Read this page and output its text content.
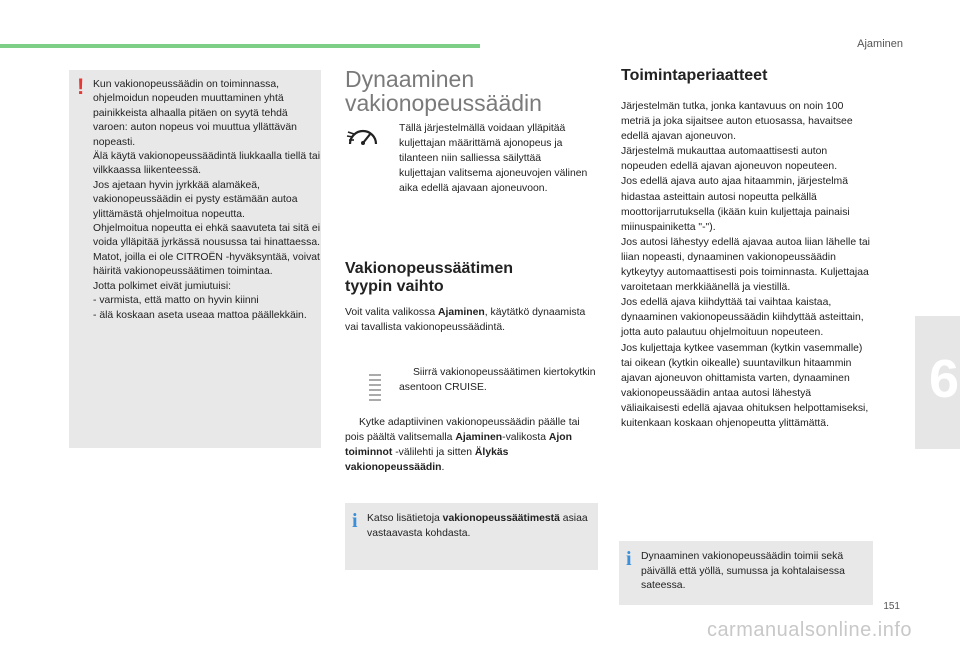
Ajaminen
6
! Kun vakionopeussäädin on toiminnassa, ohjelmoidun nopeuden muuttaminen yhtä painikkeista alhaalla pitäen on syytä tehdä varoen: auton nopeus voi muuttua yllättävän nopeasti.

Älä käytä vakionopeussäädintä liukkaalla tiellä tai vilkkaassa liikenteessä.

Jos ajetaan hyvin jyrkkää alamäkeä, vakionopeussäädin ei pysty estämään autoa ylittämästä ohjelmoitua nopeutta.

Ohjelmoitua nopeutta ei ehkä saavuteta tai sitä ei voida ylläpitää jyrkässä nousussa tai hinattaessa.

Matot, joilla ei ole CITROËN -hyväksyntää, voivat häiritä vakionopeussäätimen toimintaa.

Jotta polkimet eivät jumiutuisi:

- varmista, että matto on hyvin kiinni
- älä koskaan aseta useaa mattoa päällekkäin.
Dynaaminen
vakionopeussäädin
Tällä järjestelmällä voidaan ylläpitää kuljettajan määrittämä ajonopeus ja tilanteen niin salliessa säilyttää kuljettajan valitsema ajoneuvojen välinen aika edellä ajavaan ajoneuvoon.
Vakionopeussäätimen
tyypin vaihto
Voit valita valikossa Ajaminen, käytätkö dynaamista vai tavallista vakionopeussäädintä.
Siirrä vakionopeussäätimen kiertokytkin asentoon CRUISE.
Kytke adaptiivinen vakionopeussäädin päälle tai pois päältä valitsemalla Ajaminen-valikosta Ajon toiminnot -välilehti ja sitten Älykäs vakionopeussäädin.
i Katso lisätietoja vakionopeussäätimestä asiaa vastaavasta kohdasta.
Toimintaperiaatteet

Järjestelmän tutka, jonka kantavuus on noin 100 metriä ja joka sijaitsee auton etuosassa, havaitsee edellä ajavan ajoneuvon.

Järjestelmä mukauttaa automaattisesti auton nopeuden edellä ajavan ajoneuvon nopeuteen.

Jos edellä ajava auto ajaa hitaammin, järjestelmä hidastaa asteittain autosi nopeutta pelkällä moottorijarrutuksella (ikään kuin kuljettaja painaisi miinuspainiketta "-").

Jos autosi lähestyy edellä ajavaa autoa liian lähelle tai liian nopeasti, dynaaminen vakionopeussäädin kytkeytyy automaattisesti pois toiminnasta. Kuljettajaa varoitetaan merkkiäänellä ja viestillä.

Jos edellä ajava kiihdyttää tai vaihtaa kaistaa, dynaaminen vakionopeussäädin kiihdyttää asteittain, jotta auto palautuu ohjelmoituun nopeuteen.

Jos kuljettaja kytkee vasemman (kytkin vasemmalle) tai oikean (kytkin oikealle) suuntavilkun hitaammin ajavan ajoneuvon ohittamista varten, dynaaminen vakionopeussäädin antaa autosi lähestyä väliaikaisesti edellä ajavaa ohituksen helpottamiseksi, kuitenkaan koskaan ohjenopeutta ylittämättä.

i Dynaaminen vakionopeussäädin toimii sekä päivällä että yöllä, sumussa ja kohtalaisessa sateessa.
151
carmanualsonline.info
